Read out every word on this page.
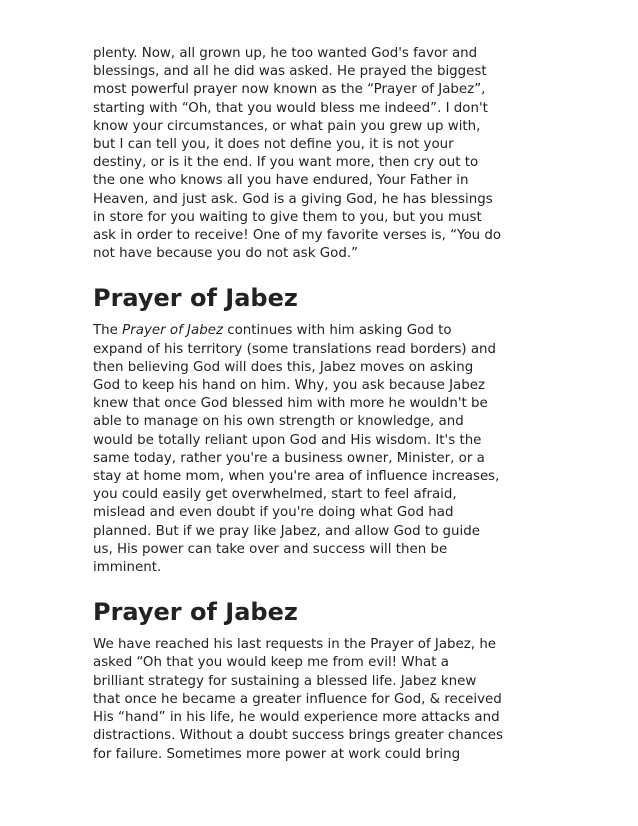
plenty. Now, all grown up, he too wanted God's favor and
blessings, and all he did was asked. He prayed the biggest
most powerful prayer now known as the “Prayer of Jabez”,
starting with “Oh, that you would bless me indeed”. I don't
know your circumstances, or what pain you grew up with,
but I can tell you, it does not define you, it is not your
destiny, or is it the end. If you want more, then cry out to
the one who knows all you have endured, Your Father in
Heaven, and just ask. God is a giving God, he has blessings
in store for you waiting to give them to you, but you must
ask in order to receive! One of my favorite verses is, “You do
not have because you do not ask God.”
Prayer of Jabez
The Prayer of Jabez continues with him asking God to
expand of his territory (some translations read borders) and
then believing God will does this, Jabez moves on asking
God to keep his hand on him. Why, you ask because Jabez
knew that once God blessed him with more he wouldn't be
able to manage on his own strength or knowledge, and
would be totally reliant upon God and His wisdom. It's the
same today, rather you're a business owner, Minister, or a
stay at home mom, when you're area of influence increases,
you could easily get overwhelmed, start to feel afraid,
mislead and even doubt if you're doing what God had
planned. But if we pray like Jabez, and allow God to guide
us, His power can take over and success will then be
imminent.
Prayer of Jabez
We have reached his last requests in the Prayer of Jabez, he
asked “Oh that you would keep me from evil! What a
brilliant strategy for sustaining a blessed life. Jabez knew
that once he became a greater influence for God, & received
His “hand” in his life, he would experience more attacks and
distractions. Without a doubt success brings greater chances
for failure. Sometimes more power at work could bring
